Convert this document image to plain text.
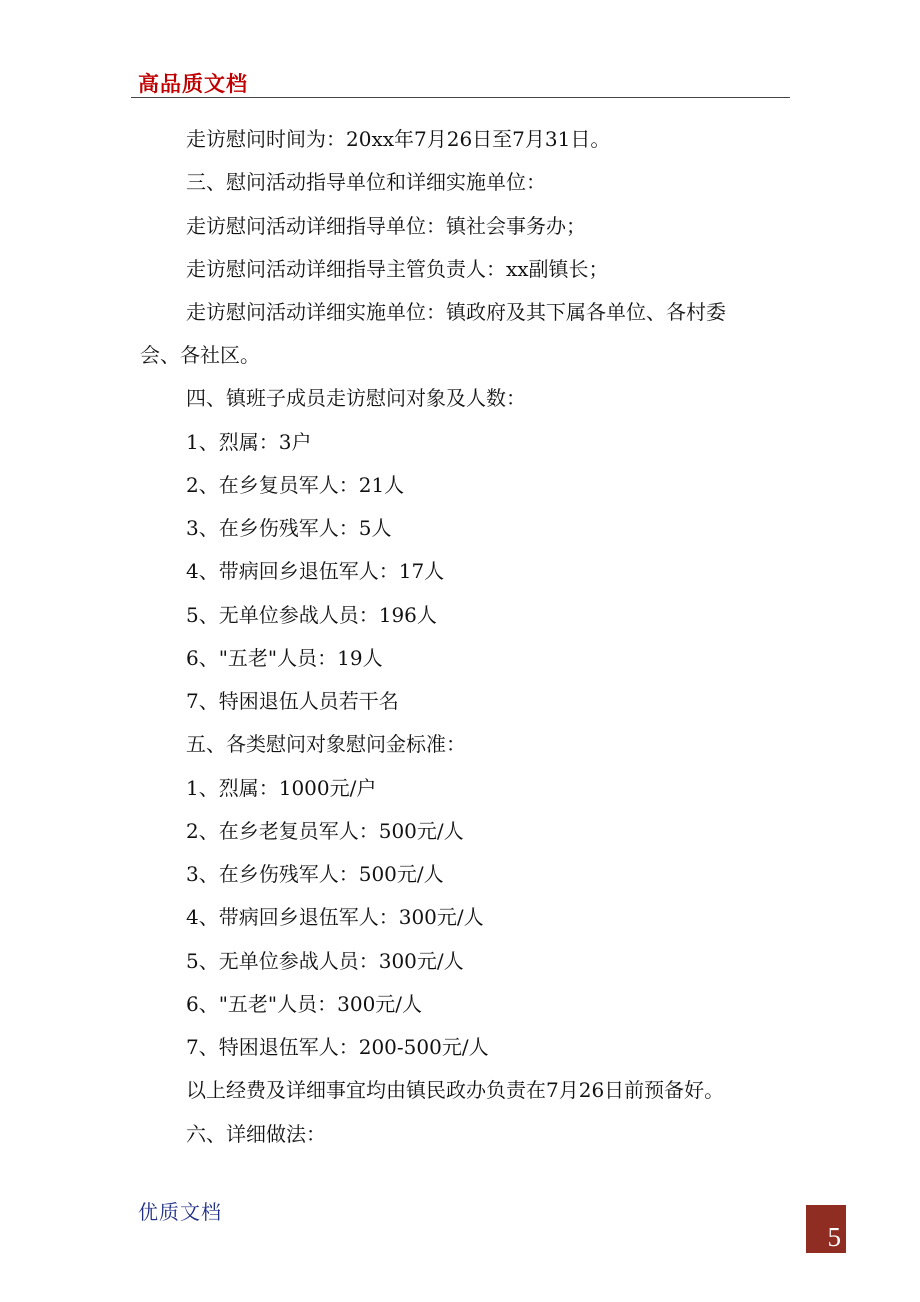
高品质文档
走访慰问时间为：20xx年7月26日至7月31日。
三、慰问活动指导单位和详细实施单位：
走访慰问活动详细指导单位：镇社会事务办；
走访慰问活动详细指导主管负责人：xx副镇长；
走访慰问活动详细实施单位：镇政府及其下属各单位、各村委
会、各社区。
四、镇班子成员走访慰问对象及人数：
1、烈属：3户
2、在乡复员军人：21人
3、在乡伤残军人：5人
4、带病回乡退伍军人：17人
5、无单位参战人员：196人
6、"五老"人员：19人
7、特困退伍人员若干名
五、各类慰问对象慰问金标准：
1、烈属：1000元/户
2、在乡老复员军人：500元/人
3、在乡伤残军人：500元/人
4、带病回乡退伍军人：300元/人
5、无单位参战人员：300元/人
6、"五老"人员：300元/人
7、特困退伍军人：200-500元/人
以上经费及详细事宜均由镇民政办负责在7月26日前预备好。
六、详细做法：
优质文档
5
